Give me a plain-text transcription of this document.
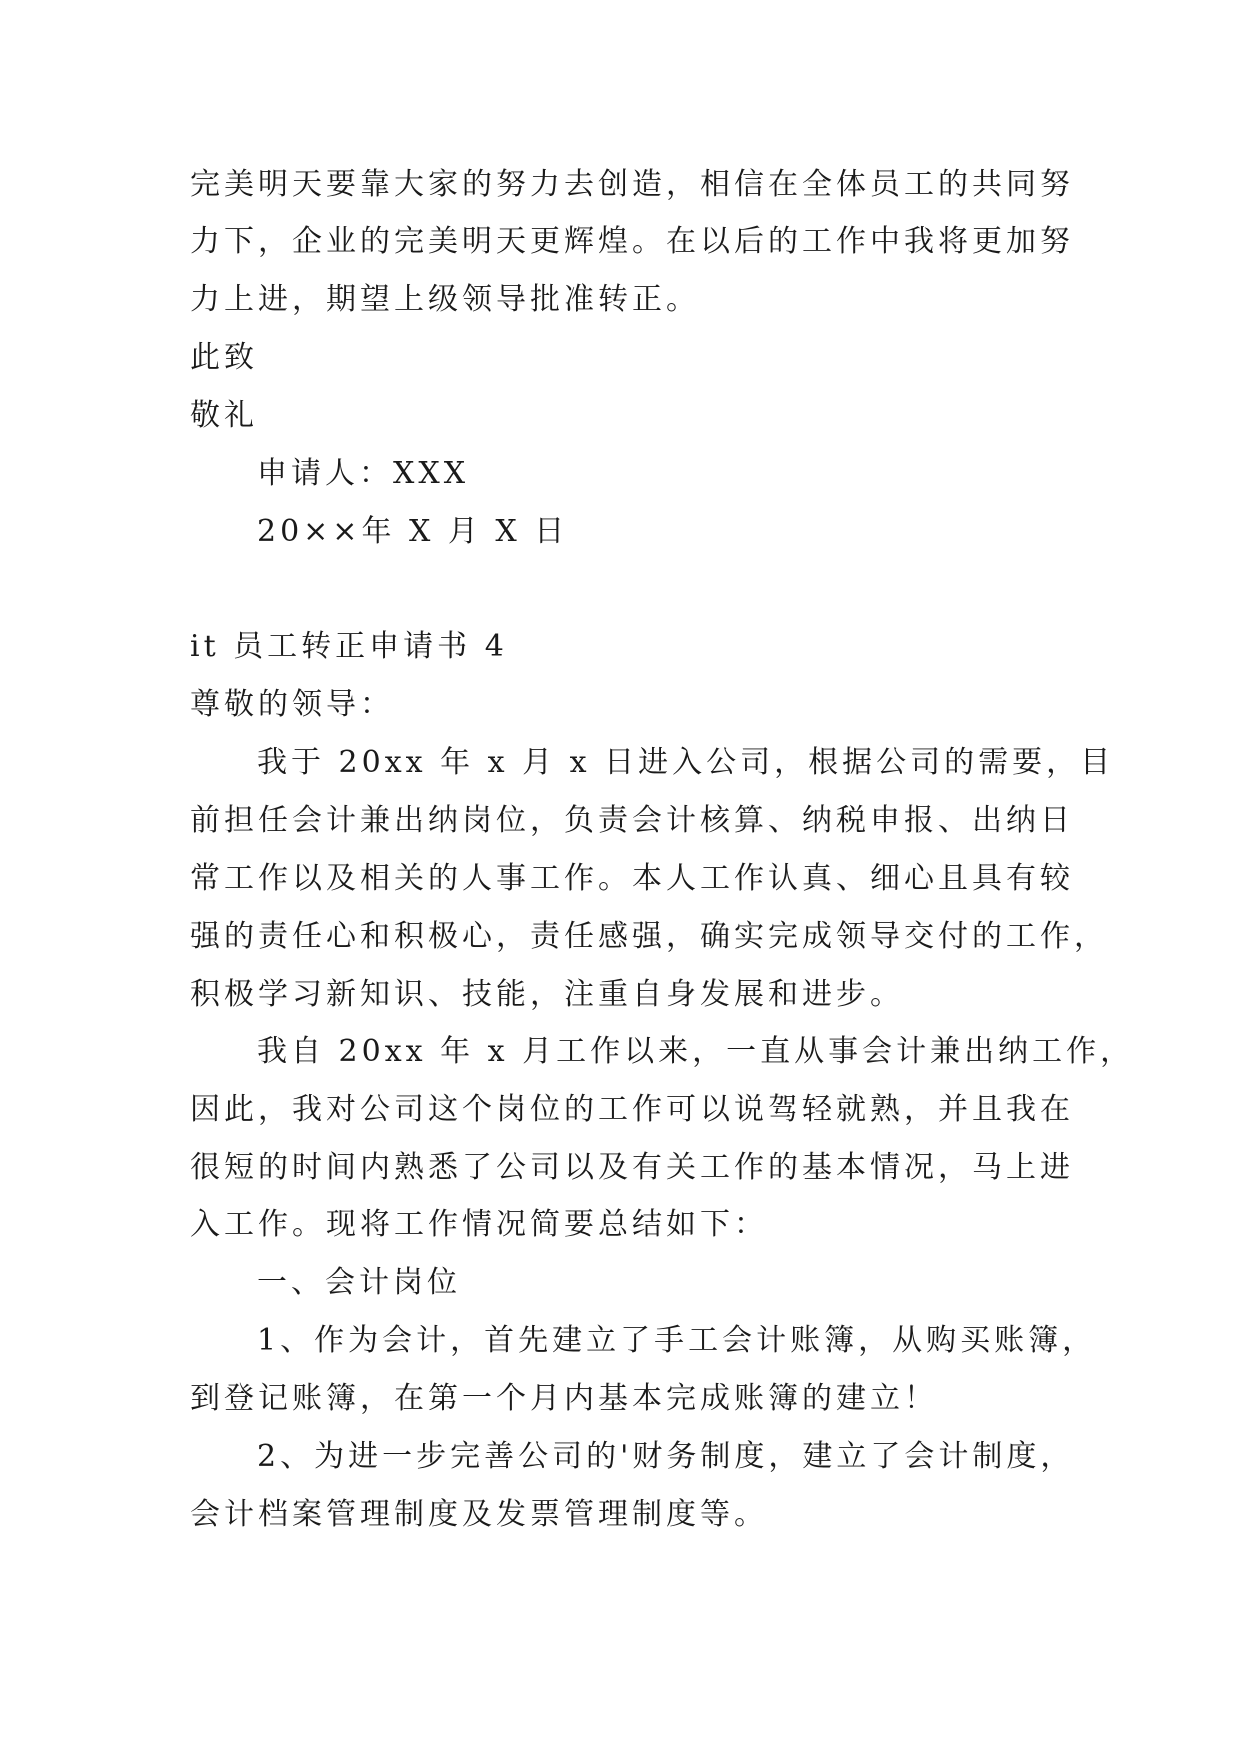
完美明天要靠大家的努力去创造，相信在全体员工的共同努
力下，企业的完美明天更辉煌。在以后的工作中我将更加努
力上进，期望上级领导批准转正。
此致
敬礼
申请人：XXX
20××年 X 月 X 日
it 员工转正申请书 4
尊敬的领导：
我于 20xx 年 x 月 x 日进入公司，根据公司的需要，目
前担任会计兼出纳岗位，负责会计核算、纳税申报、出纳日
常工作以及相关的人事工作。本人工作认真、细心且具有较
强的责任心和积极心，责任感强，确实完成领导交付的工作，
积极学习新知识、技能，注重自身发展和进步。
我自 20xx 年 x 月工作以来，一直从事会计兼出纳工作，
因此，我对公司这个岗位的工作可以说驾轻就熟，并且我在
很短的时间内熟悉了公司以及有关工作的基本情况，马上进
入工作。现将工作情况简要总结如下：
一、会计岗位
1、作为会计，首先建立了手工会计账簿，从购买账簿，
到登记账簿，在第一个月内基本完成账簿的建立！
2、为进一步完善公司的'财务制度，建立了会计制度，
会计档案管理制度及发票管理制度等。
